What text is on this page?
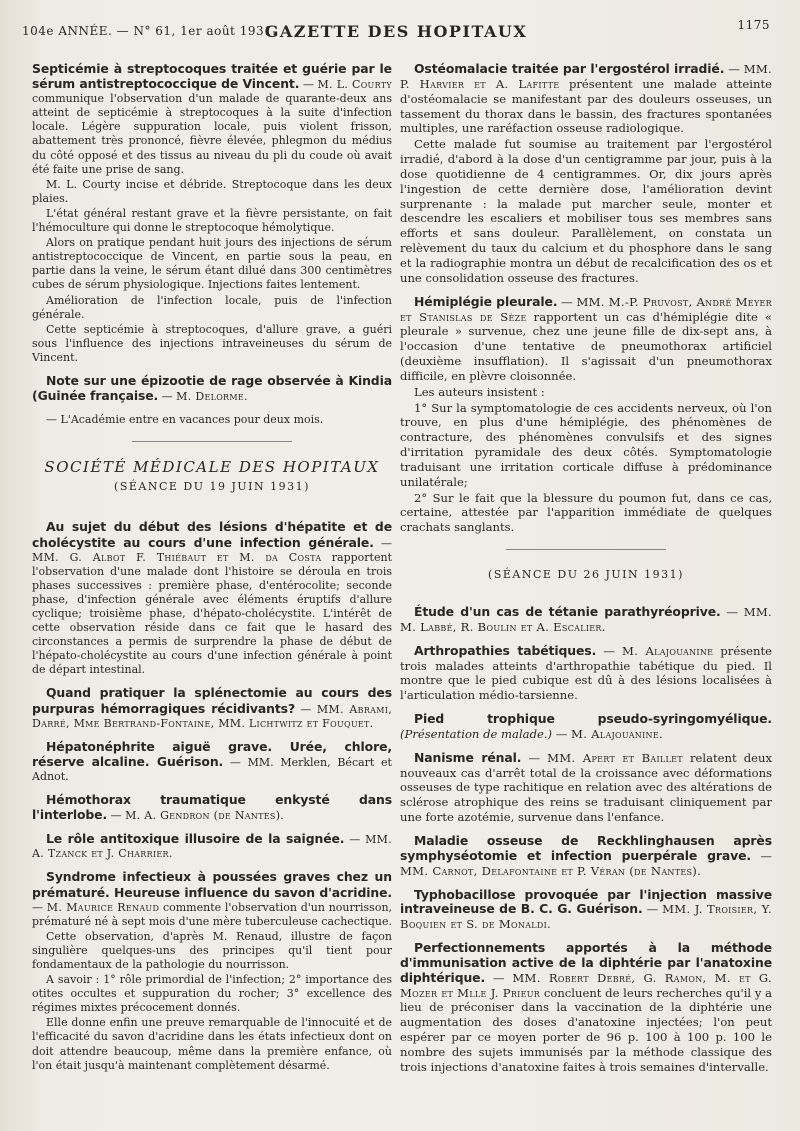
104e ANNÉE. — N° 61, 1er août 1931.
GAZETTE DES HOPITAUX	1175

Septicémie à streptocoques traitée et guérie par le sérum antistreptococcique de Vincent. — M. L. Courty communique l'observation d'un malade de quarante-deux ans atteint de septicémie à streptocoques à la suite d'infection locale. Légère suppuration locale, puis violent frisson, abattement très prononcé, fièvre élevée, phlegmon du médius du côté opposé et des tissus au niveau du pli du coude où avait été faite une prise de sang.

M. L. Courty incise et débride. Streptocoque dans les deux plaies.

L'état général restant grave et la fièvre persistante, on fait l'hémoculture qui donne le streptocoque hémolytique.

Alors on pratique pendant huit jours des injections de sérum antistreptococcique de Vincent, en partie sous la peau, en partie dans la veine, le sérum étant dilué dans 300 centimètres cubes de sérum physiologique. Injections faites lentement.

Amélioration de l'infection locale, puis de l'infection générale.

Cette septicémie à streptocoques, d'allure grave, a guéri sous l'influence des injections intraveineuses du sérum de Vincent.

Note sur une épizootie de rage observée à Kindia (Guinée française. — M. Delorme.

— L'Académie entre en vacances pour deux mois.

SOCIÉTÉ MÉDICALE DES HOPITAUX
(SÉANCE DU 19 JUIN 1931)

Au sujet du début des lésions d'hépatite et de cholécystite au cours d'une infection générale. — MM. G. Albot F. Thiébaut et M. da Costa rapportent l'observation d'une malade dont l'histoire se déroula en trois phases successives : première phase, d'entérocolite; seconde phase, d'infection générale avec éléments éruptifs d'allure cyclique; troisième phase, d'hépato-cholécystite. L'intérêt de cette observation réside dans ce fait que le hasard des circonstances a permis de surprendre la phase de début de l'hépato-cholécystite au cours d'une infection générale à point de départ intestinal.

Quand pratiquer la splénectomie au cours des purpuras hémorragiques récidivants? — MM. Abrami, Darré, Mme Bertrand-Fontaine, MM. Lichtwitz et Fouquet.

Hépatonéphrite aiguë grave. Urée, chlore, réserve alcaline. Guérison. — MM. Merklen, Bécart et Adnot.

Hémothorax traumatique enkysté dans l'interlobe. — M. A. Gendron (de Nantes).

Le rôle antitoxique illusoire de la saignée. — MM. A. Tzanck et J. Charrier.

Syndrome infectieux à poussées graves chez un prématuré. Heureuse influence du savon d'acridine. — M. Maurice Renaud commente l'observation d'un nourrisson, prématuré né à sept mois d'une mère tuberculeuse cachectique.

Cette observation, d'après M. Renaud, illustre de façon singulière quelques-uns des principes qu'il tient pour fondamentaux de la pathologie du nourrisson.

A savoir : 1° rôle primordial de l'infection; 2° importance des otites occultes et suppuration du rocher; 3° excellence des régimes mixtes précocement donnés.

Elle donne enfin une preuve remarquable de l'innocuité et de l'efficacité du savon d'acridine dans les états infectieux dont on doit attendre beaucoup, même dans la première enfance, où l'on était jusqu'à maintenant complètement désarmé.

Ostéomalacie traitée par l'ergostérol irradié. — MM. P. Harvier et A. Lafitte présentent une malade atteinte d'ostéomalacie se manifestant par des douleurs osseuses, un tassement du thorax dans le bassin, des fractures spontanées multiples, une raréfaction osseuse radiologique.

Cette malade fut soumise au traitement par l'ergostérol irradié, d'abord à la dose d'un centigramme par jour, puis à la dose quotidienne de 4 centigrammes. Or, dix jours après l'ingestion de cette dernière dose, l'amélioration devint surprenante : la malade put marcher seule, monter et descendre les escaliers et mobiliser tous ses membres sans efforts et sans douleur. Parallèlement, on constata un relèvement du taux du calcium et du phosphore dans le sang et la radiographie montra un début de recalcification des os et une consolidation osseuse des fractures.

Hémiplégie pleurale. — MM. M.-P. Pruvost, André Meyer et Stanislas de Sèze rapportent un cas d'hémiplégie dite « pleurale » survenue, chez une jeune fille de dix-sept ans, à l'occasion d'une tentative de pneumothorax artificiel (deuxième insufflation). Il s'agissait d'un pneumothorax difficile, en plèvre cloisonnée.

Les auteurs insistent :

1° Sur la symptomatologie de ces accidents nerveux, où l'on trouve, en plus d'une hémiplégie, des phénomènes de contracture, des phénomènes convulsifs et des signes d'irritation pyramidale des deux côtés. Symptomatologie traduisant une irritation corticale diffuse à prédominance unilatérale;

2° Sur le fait que la blessure du poumon fut, dans ce cas, certaine, attestée par l'apparition immédiate de quelques crachats sanglants.

(SÉANCE DU 26 JUIN 1931)

Étude d'un cas de tétanie parathyréoprive. — MM. M. Labbé, R. Boulin et A. Escalier.

Arthropathies tabétiques. — M. Alajouanine présente trois malades atteints d'arthropathie tabétique du pied. Il montre que le pied cubique est dû à des lésions localisées à l'articulation médio-tarsienne.

Pied trophique pseudo-syringomyélique. (Présentation de malade.) — M. Alajouanine.

Nanisme rénal. — MM. Apert et Baillet relatent deux nouveaux cas d'arrêt total de la croissance avec déformations osseuses de type rachitique en relation avec des altérations de sclérose atrophique des reins se traduisant cliniquement par une forte azotémie, survenue dans l'enfance.

Maladie osseuse de Reckhlinghausen après symphyséotomie et infection puerpérale grave. — MM. Carnot, Delafontaine et P. Véran (de Nantes).

Typhobacillose provoquée par l'injection massive intraveineuse de B. C. G. Guérison. — MM. J. Troisier, Y. Boquien et S. de Monaldi.

Perfectionnements apportés à la méthode d'immunisation active de la diphtérie par l'anatoxine diphtérique. — MM. Robert Debré, G. Ramon, M. et G. Mozer et Mlle J. Prieur concluent de leurs recherches qu'il y a lieu de préconiser dans la vaccination de la diphtérie une augmentation des doses d'anatoxine injectées; l'on peut espérer par ce moyen porter de 96 p. 100 à 100 p. 100 le nombre des sujets immunisés par la méthode classique des trois injections d'anatoxine faites à trois semaines d'intervalle.
